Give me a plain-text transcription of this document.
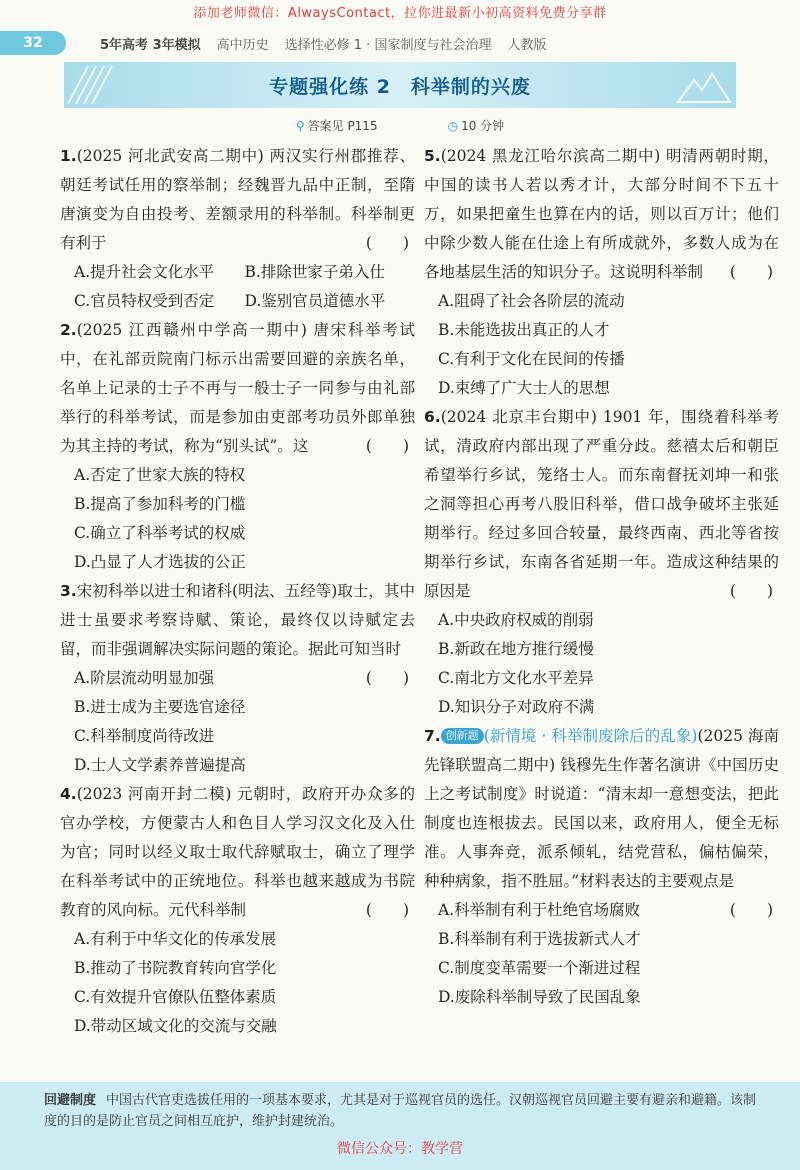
添加老师微信：AlwaysContact，拉你进最新小初高资料免费分享群
32	5年高考 3年模拟 高中历史 选择性必修 1 · 国家制度与社会治理 人教版
专题强化练 2　科举制的兴废
⚲ 答案见 P115	◷ 10 分钟
1.(2025 河北武安高二期中) 两汉实行州郡推荐、朝廷考试任用的察举制；经魏晋九品中正制，至隋唐演变为自由投考、差额录用的科举制。科举制更有利于	(　　)
A.提升社会文化水平	B.排除世家子弟入仕
C.官员特权受到否定	D.鉴别官员道德水平
2.(2025 江西赣州中学高一期中) 唐宋科举考试中，在礼部贡院南门标示出需要回避的亲族名单，名单上记录的士子不再与一般士子一同参与由礼部举行的科举考试，而是参加由吏部考功员外郎单独为其主持的考试，称为“别头试”。这	(　　)
A.否定了世家大族的特权
B.提高了参加科考的门槛
C.确立了科举考试的权威
D.凸显了人才选拔的公正
3.宋初科举以进士和诸科(明法、五经等)取士，其中进士虽要求考察诗赋、策论，最终仅以诗赋定去留，而非强调解决实际问题的策论。据此可知当时
(　　)
A.阶层流动明显加强
B.进士成为主要选官途径
C.科举制度尚待改进
D.士人文学素养普遍提高
4.(2023 河南开封二模) 元朝时，政府开办众多的官办学校，方便蒙古人和色目人学习汉文化及入仕为官；同时以经义取士取代辞赋取士，确立了理学在科举考试中的正统地位。科举也越来越成为书院教育的风向标。元代科举制	(　　)
A.有利于中华文化的传承发展
B.推动了书院教育转向官学化
C.有效提升官僚队伍整体素质
D.带动区域文化的交流与交融
5.(2024 黑龙江哈尔滨高二期中) 明清两朝时期，中国的读书人若以秀才计，大部分时间不下五十万，如果把童生也算在内的话，则以百万计；他们中除少数人能在仕途上有所成就外，多数人成为在各地基层生活的知识分子。这说明科举制 (　　)
A.阻碍了社会各阶层的流动
B.未能选拔出真正的人才
C.有利于文化在民间的传播
D.束缚了广大士人的思想
6.(2024 北京丰台期中) 1901 年，围绕着科举考试，清政府内部出现了严重分歧。慈禧太后和朝臣希望举行乡试，笼络士人。而东南督抚刘坤一和张之洞等担心再考八股旧科举，借口战争破坏主张延期举行。经过多回合较量，最终西南、西北等省按期举行乡试，东南各省延期一年。造成这种结果的原因是	(　　)
A.中央政府权威的削弱
B.新政在地方推行缓慢
C.南北方文化水平差异
D.知识分子对政府不满
7. 创新题 (新情境 · 科举制废除后的乱象)(2025 海南先锋联盟高二期中) 钱穆先生作著名演讲《中国历史上之考试制度》时说道：“清末却一意想变法，把此制度也连根拔去。民国以来，政府用人，便全无标准。人事奔竞，派系倾轧，结党营私，偏枯偏荣，种种病象，指不胜屈。”材料表达的主要观点是
(　　)
A.科举制有利于杜绝官场腐败
B.科举制有利于选拔新式人才
C.制度变革需要一个渐进过程
D.废除科举制导致了民国乱象
回避制度 中国古代官吏选拔任用的一项基本要求，尤其是对于巡视官员的选任。汉朝巡视官员回避主要有避亲和避籍。该制度的目的是防止官员之间相互庇护，维护封建统治。
微信公众号：教学营
